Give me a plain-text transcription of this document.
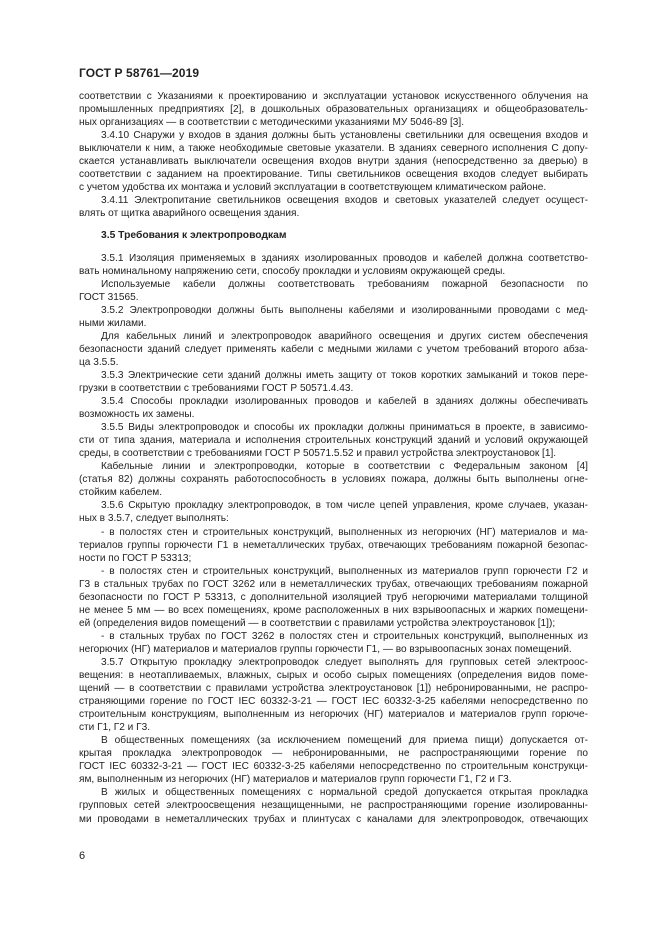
ГОСТ Р 58761—2019
соответствии с Указаниями к проектированию и эксплуатации установок искусственного облучения на
промышленных предприятиях [2], в дошкольных образовательных организациях и общеобразователь-
ных организациях — в соответствии с методическими указаниями МУ 5046-89 [3].
3.4.10 Снаружи у входов в здания должны быть установлены светильники для освещения входов и
выключатели к ним, а также необходимые световые указатели. В зданиях северного исполнения С допу-
скается устанавливать выключатели освещения входов внутри здания (непосредственно за дверью) в
соответствии с заданием на проектирование. Типы светильников освещения входов следует выбирать
с учетом удобства их монтажа и условий эксплуатации в соответствующем климатическом районе.
3.4.11 Электропитание светильников освещения входов и световых указателей следует осущест-
влять от щитка аварийного освещения здания.
3.5 Требования к электропроводкам
3.5.1 Изоляция применяемых в зданиях изолированных проводов и кабелей должна соответство-
вать номинальному напряжению сети, способу прокладки и условиям окружающей среды.
Используемые кабели должны соответствовать требованиям пожарной безопасности по
ГОСТ 31565.
3.5.2 Электропроводки должны быть выполнены кабелями и изолированными проводами с мед-
ными жилами.
Для кабельных линий и электропроводок аварийного освещения и других систем обеспечения
безопасности зданий следует применять кабели с медными жилами с учетом требований второго абза-
ца 3.5.5.
3.5.3 Электрические сети зданий должны иметь защиту от токов коротких замыканий и токов пере-
грузки в соответствии с требованиями ГОСТ Р 50571.4.43.
3.5.4 Способы прокладки изолированных проводов и кабелей в зданиях должны обеспечивать
возможность их замены.
3.5.5 Виды электропроводок и способы их прокладки должны приниматься в проекте, в зависимо-
сти от типа здания, материала и исполнения строительных конструкций зданий и условий окружающей
среды, в соответствии с требованиями ГОСТ Р 50571.5.52 и правил устройства электроустановок [1].
Кабельные линии и электропроводки, которые в соответствии с Федеральным законом [4]
(статья 82) должны сохранять работоспособность в условиях пожара, должны быть выполнены огне-
стойким кабелем.
3.5.6 Скрытую прокладку электропроводок, в том числе цепей управления, кроме случаев, указан-
ных в 3.5.7, следует выполнять:
- в полостях стен и строительных конструкций, выполненных из негорючих (НГ) материалов и ма-
териалов группы горючести Г1 в неметаллических трубах, отвечающих требованиям пожарной безопас-
ности по ГОСТ Р 53313;
- в полостях стен и строительных конструкций, выполненных из материалов групп горючести Г2 и
Г3 в стальных трубах по ГОСТ 3262 или в неметаллических трубах, отвечающих требованиям пожарной
безопасности по ГОСТ Р 53313, с дополнительной изоляцией труб негорючими материалами толщиной
не менее 5 мм — во всех помещениях, кроме расположенных в них взрывоопасных и жарких помещени-
ей (определения видов помещений — в соответствии с правилами устройства электроустановок [1]);
- в стальных трубах по ГОСТ 3262 в полостях стен и строительных конструкций, выполненных из
негорючих (НГ) материалов и материалов группы горючести Г1, — во взрывоопасных зонах помещений.
3.5.7 Открытую прокладку электропроводок следует выполнять для групповых сетей электроос-
вещения: в неотапливаемых, влажных, сырых и особо сырых помещениях (определения видов поме-
щений — в соответствии с правилами устройства электроустановок [1]) небронированными, не распро-
страняющими горение по ГОСТ IEC 60332-3-21 — ГОСТ IEC 60332-3-25 кабелями непосредственно по
строительным конструкциям, выполненным из негорючих (НГ) материалов и материалов групп горюче-
сти Г1, Г2 и Г3.
В общественных помещениях (за исключением помещений для приема пищи) допускается от-
крытая прокладка электропроводок — небронированными, не распространяющими горение по
ГОСТ IEC 60332-3-21 — ГОСТ IEC 60332-3-25 кабелями непосредственно по строительным конструкци-
ям, выполненным из негорючих (НГ) материалов и материалов групп горючести Г1, Г2 и Г3.
В жилых и общественных помещениях с нормальной средой допускается открытая прокладка
групповых сетей электроосвещения незащищенными, не распространяющими горение изолированны-
ми проводами в неметаллических трубах и плинтусах с каналами для электропроводок, отвечающих
6
